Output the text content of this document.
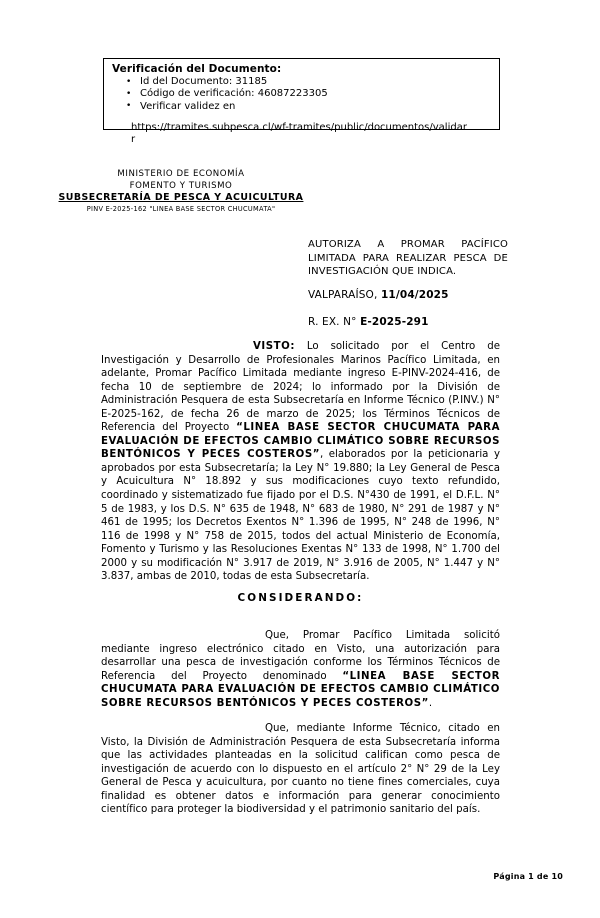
Verificación del Documento:
• Id del Documento: 31185
• Código de verificación: 46087223305
• Verificar validez en
https://tramites.subpesca.cl/wf-tramites/public/documentos/validar
r
MINISTERIO DE ECONOMÍA
FOMENTO Y TURISMO
SUBSECRETARÍA DE PESCA Y ACUICULTURA
PINV E-2025-162 "LINEA BASE SECTOR CHUCUMATA"
AUTORIZA A PROMAR PACÍFICO LIMITADA PARA REALIZAR PESCA DE INVESTIGACIÓN QUE INDICA.
VALPARAÍSO, 11/04/2025
R. EX. N° E-2025-291

VISTO: Lo solicitado por el Centro de Investigación y Desarrollo de Profesionales Marinos Pacífico Limitada, en adelante, Promar Pacífico Limitada mediante ingreso E-PINV-2024-416, de fecha 10 de septiembre de 2024; lo informado por la División de Administración Pesquera de esta Subsecretaría en Informe Técnico (P.INV.) N° E-2025-162, de fecha 26 de marzo de 2025; los Términos Técnicos de Referencia del Proyecto “LINEA BASE SECTOR CHUCUMATA PARA EVALUACIÓN DE EFECTOS CAMBIO CLIMÁTICO SOBRE RECURSOS BENTÓNICOS Y PECES COSTEROS”, elaborados por la peticionaria y aprobados por esta Subsecretaría; la Ley N° 19.880; la Ley General de Pesca y Acuicultura N° 18.892 y sus modificaciones cuyo texto refundido, coordinado y sistematizado fue fijado por el D.S. N°430 de 1991, el D.F.L. N° 5 de 1983, y los D.S. N° 635 de 1948, N° 683 de 1980, N° 291 de 1987 y N° 461 de 1995; los Decretos Exentos N° 1.396 de 1995, N° 248 de 1996, N° 116 de 1998 y N° 758 de 2015, todos del actual Ministerio de Economía, Fomento y Turismo y las Resoluciones Exentas N° 133 de 1998, N° 1.700 del 2000 y su modificación N° 3.917 de 2019, N° 3.916 de 2005, N° 1.447 y N° 3.837, ambas de 2010, todas de esta Subsecretaría.

CONSIDERANDO:

Que, Promar Pacífico Limitada solicitó mediante ingreso electrónico citado en Visto, una autorización para desarrollar una pesca de investigación conforme los Términos Técnicos de Referencia del Proyecto denominado “LINEA BASE SECTOR CHUCUMATA PARA EVALUACIÓN DE EFECTOS CAMBIO CLIMÁTICO SOBRE RECURSOS BENTÓNICOS Y PECES COSTEROS”.

Que, mediante Informe Técnico, citado en Visto, la División de Administración Pesquera de esta Subsecretaría informa que las actividades planteadas en la solicitud califican como pesca de investigación de acuerdo con lo dispuesto en el artículo 2° N° 29 de la Ley General de Pesca y acuicultura, por cuanto no tiene fines comerciales, cuya finalidad es obtener datos e información para generar conocimiento científico para proteger la biodiversidad y el patrimonio sanitario del país.

Página 1 de 10
